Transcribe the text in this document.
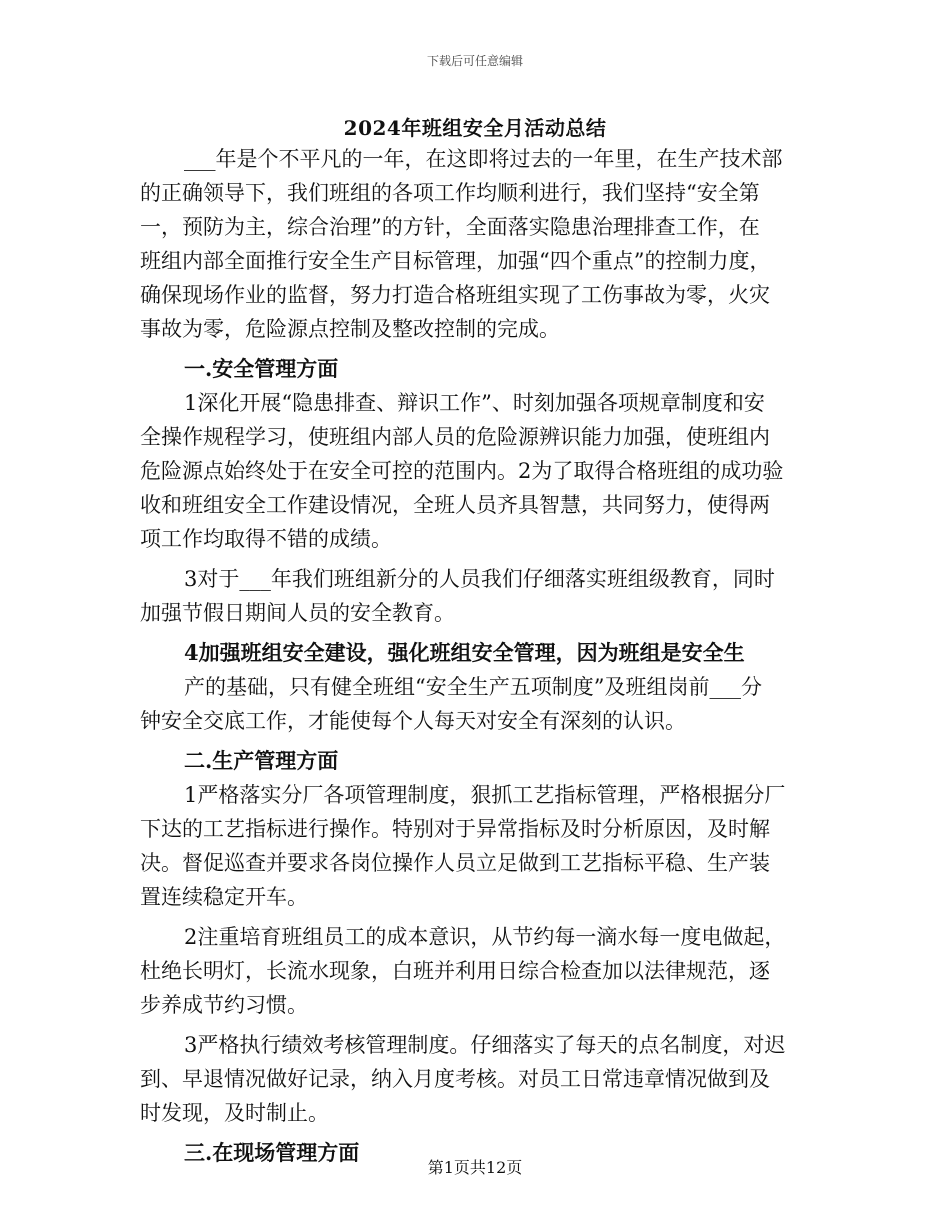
下载后可任意编辑
2024年班组安全月活动总结
___年是个不平凡的一年，在这即将过去的一年里，在生产技术部
的正确领导下，我们班组的各项工作均顺利进行，我们坚持“安全第
一，预防为主，综合治理”的方针，全面落实隐患治理排查工作，在
班组内部全面推行安全生产目标管理，加强“四个重点”的控制力度，
确保现场作业的监督，努力打造合格班组实现了工伤事故为零，火灾
事故为零，危险源点控制及整改控制的完成。
一.安全管理方面
1深化开展“隐患排查、辩识工作”、时刻加强各项规章制度和安
全操作规程学习，使班组内部人员的危险源辨识能力加强，使班组内
危险源点始终处于在安全可控的范围内。2为了取得合格班组的成功验
收和班组安全工作建设情况，全班人员齐具智慧，共同努力，使得两
项工作均取得不错的成绩。
3对于___年我们班组新分的人员我们仔细落实班组级教育，同时
加强节假日期间人员的安全教育。
4加强班组安全建设，强化班组安全管理，因为班组是安全生
产的基础，只有健全班组“安全生产五项制度”及班组岗前___分
钟安全交底工作，才能使每个人每天对安全有深刻的认识。
二.生产管理方面
1严格落实分厂各项管理制度，狠抓工艺指标管理，严格根据分厂
下达的工艺指标进行操作。特别对于异常指标及时分析原因，及时解
决。督促巡查并要求各岗位操作人员立足做到工艺指标平稳、生产装
置连续稳定开车。
2注重培育班组员工的成本意识，从节约每一滴水每一度电做起，
杜绝长明灯，长流水现象，白班并利用日综合检查加以法律规范，逐
步养成节约习惯。
3严格执行绩效考核管理制度。仔细落实了每天的点名制度，对迟
到、早退情况做好记录，纳入月度考核。对员工日常违章情况做到及
时发现，及时制止。
三.在现场管理方面
第1页共12页
